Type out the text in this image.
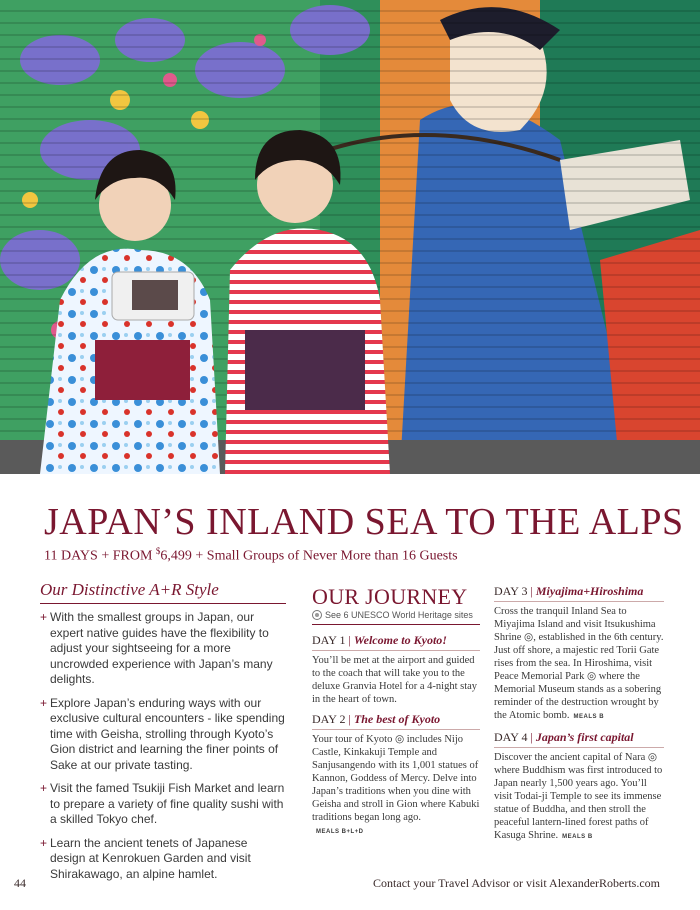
JAPAN’S INLAND SEA TO THE ALPS
11 DAYS + FROM $6,499 + Small Groups of Never More than 16 Guests
Our Distinctive A+R Style
+ With the smallest groups in Japan, our expert native guides have the flexibility to adjust your sightseeing for a more uncrowded experience with Japan’s many delights.
+ Explore Japan’s enduring ways with our exclusive cultural encounters - like spending time with Geisha, strolling through Kyoto’s Gion district and learning the finer points of Sake at our private tasting.
+ Visit the famed Tsukiji Fish Market and learn to prepare a variety of fine quality sushi with a skilled Tokyo chef.
+ Learn the ancient tenets of Japanese design at Kenrokuen Garden and visit Shirakawago, an alpine hamlet.
OUR JOURNEY
See 6 UNESCO World Heritage sites
DAY 1 | Welcome to Kyoto!
You’ll be met at the airport and guided to the coach that will take you to the deluxe Granvia Hotel for a 4-night stay in the heart of town.
DAY 2 | The best of Kyoto
Your tour of Kyoto ◎ includes Nijo Castle, Kinkakuji Temple and Sanjusangendo with its 1,001 statues of Kannon, Goddess of Mercy. Delve into Japan’s traditions when you dine with Geisha and stroll in Gion where Kabuki traditions began long ago.
MEALS B+L+D
DAY 3 | Miyajima+Hiroshima
Cross the tranquil Inland Sea to Miyajima Island and visit Itsukushima Shrine ◎, established in the 6th century. Just off shore, a majestic red Torii Gate rises from the sea. In Hiroshima, visit Peace Memorial Park ◎ where the Memorial Museum stands as a sobering reminder of the destruction wrought by the Atomic bomb. MEALS B
DAY 4 | Japan’s first capital
Discover the ancient capital of Nara ◎ where Buddhism was first introduced to Japan nearly 1,500 years ago. You’ll visit Todai-ji Temple to see its immense statue of Buddha, and then stroll the peaceful lantern-lined forest paths of Kasuga Shrine. MEALS B
44	Contact your Travel Advisor or visit AlexanderRoberts.com
